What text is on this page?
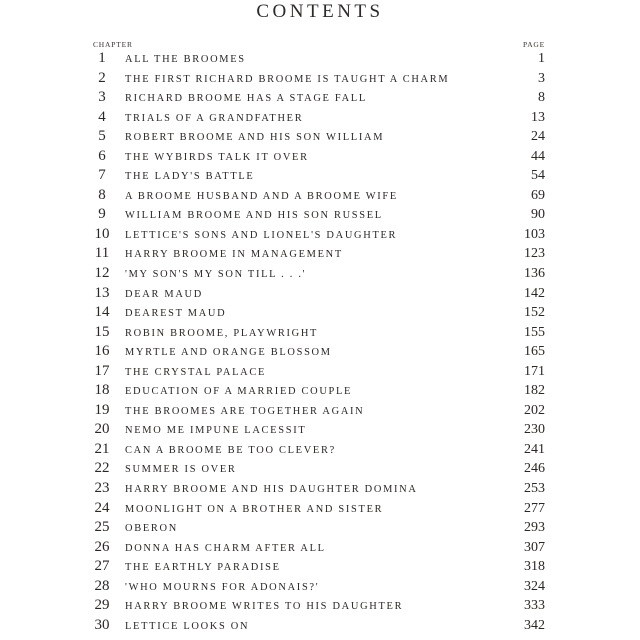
CONTENTS
CHAPTER	PAGE
1	ALL THE BROOMES	1
2	THE FIRST RICHARD BROOME IS TAUGHT A CHARM	3
3	RICHARD BROOME HAS A STAGE FALL	8
4	TRIALS OF A GRANDFATHER	13
5	ROBERT BROOME AND HIS SON WILLIAM	24
6	THE WYBIRDS TALK IT OVER	44
7	THE LADY'S BATTLE	54
8	A BROOME HUSBAND AND A BROOME WIFE	69
9	WILLIAM BROOME AND HIS SON RUSSEL	90
10	LETTICE'S SONS AND LIONEL'S DAUGHTER	103
11	HARRY BROOME IN MANAGEMENT	123
12	'MY SON'S MY SON TILL . . .'	136
13	DEAR MAUD	142
14	DEAREST MAUD	152
15	ROBIN BROOME, PLAYWRIGHT	155
16	MYRTLE AND ORANGE BLOSSOM	165
17	THE CRYSTAL PALACE	171
18	EDUCATION OF A MARRIED COUPLE	182
19	THE BROOMES ARE TOGETHER AGAIN	202
20	NEMO ME IMPUNE LACESSIT	230
21	CAN A BROOME BE TOO CLEVER?	241
22	SUMMER IS OVER	246
23	HARRY BROOME AND HIS DAUGHTER DOMINA	253
24	MOONLIGHT ON A BROTHER AND SISTER	277
25	OBERON	293
26	DONNA HAS CHARM AFTER ALL	307
27	THE EARTHLY PARADISE	318
28	'WHO MOURNS FOR ADONAIS?'	324
29	HARRY BROOME WRITES TO HIS DAUGHTER	333
30	LETTICE LOOKS ON	342
